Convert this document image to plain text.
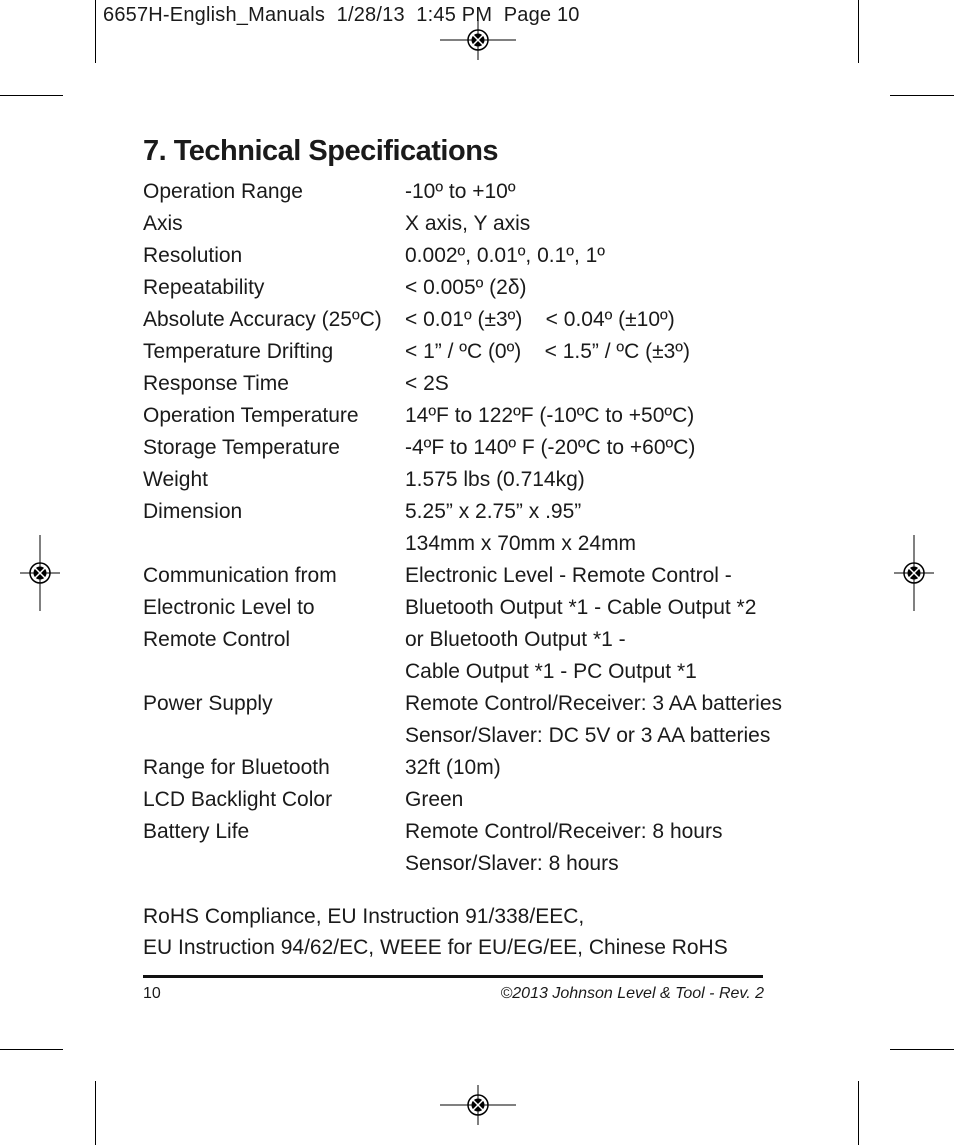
6657H-English_Manuals 1/28/13 1:45 PM Page 10
7. Technical Specifications
Operation Range	-10º to +10º
Axis	X axis, Y axis
Resolution	0.002º, 0.01º, 0.1º, 1º
Repeatability	< 0.005º (2δ)
Absolute Accuracy (25ºC) < 0.01º (±3º)    < 0.04º (±10º)
Temperature Drifting	< 1” / ºC (0º)    < 1.5” / ºC (±3º)
Response Time	< 2S
Operation Temperature 14ºF to 122ºF (-10ºC to +50ºC)
Storage Temperature	-4ºF to 140º F (-20ºC to +60ºC)
Weight	1.575 lbs (0.714kg)
Dimension	5.25” x 2.75” x .95”
134mm x 70mm x 24mm
Communication from	Electronic Level - Remote Control -
Electronic Level to	Bluetooth Output *1 - Cable Output *2
Remote Control	or Bluetooth Output *1 -
Cable Output *1 - PC Output *1
Power Supply	Remote Control/Receiver: 3 AA batteries
Sensor/Slaver: DC 5V or 3 AA batteries
Range for Bluetooth	32ft (10m)
LCD Backlight Color	Green
Battery Life	Remote Control/Receiver: 8 hours
Sensor/Slaver: 8 hours
RoHS Compliance, EU Instruction 91/338/EEC,
EU Instruction 94/62/EC, WEEE for EU/EG/EE, Chinese RoHS
10	©2013 Johnson Level & Tool - Rev. 2
